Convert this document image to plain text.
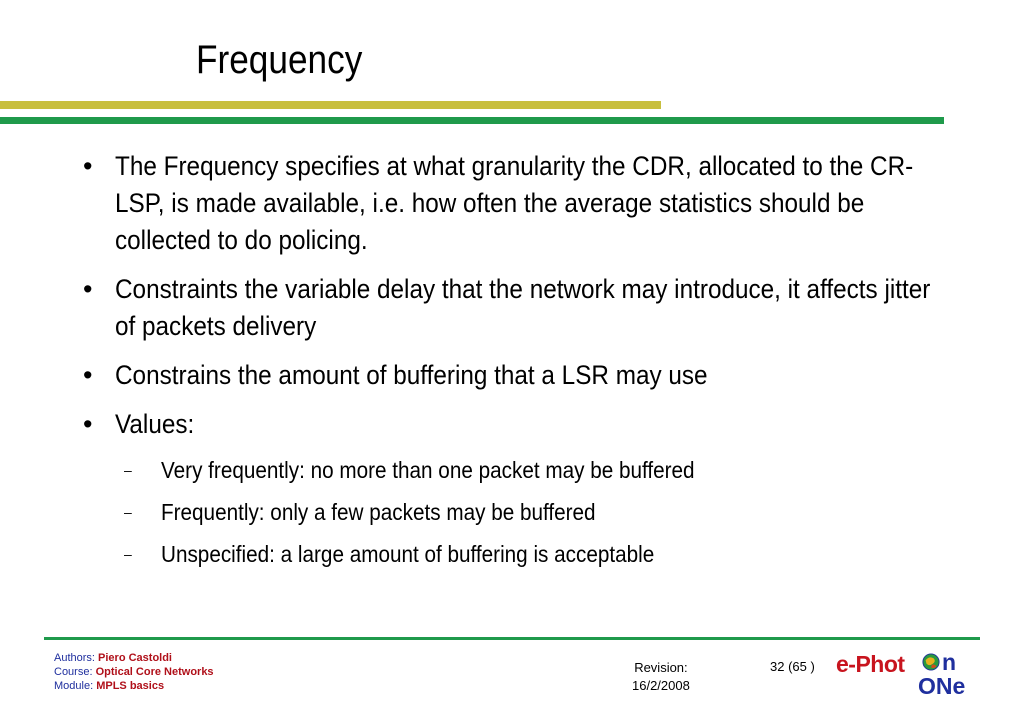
Frequency
• The Frequency specifies at what granularity the CDR, allocated to the CR-LSP, is made available, i.e. how often the average statistics should be collected to do policing.
• Constraints the variable delay that the network may introduce, it affects jitter of packets delivery
• Constrains the amount of buffering that a LSR may use
• Values:
– Very frequently: no more than one packet may be buffered
– Frequently: only a few packets may be buffered
– Unspecified: a large amount of buffering is acceptable
Authors: Piero Castoldi
Course: Optical Core Networks
Module: MPLS basics
Revision:
16/2/2008
32 (65 ) e-Phot n
ONe
